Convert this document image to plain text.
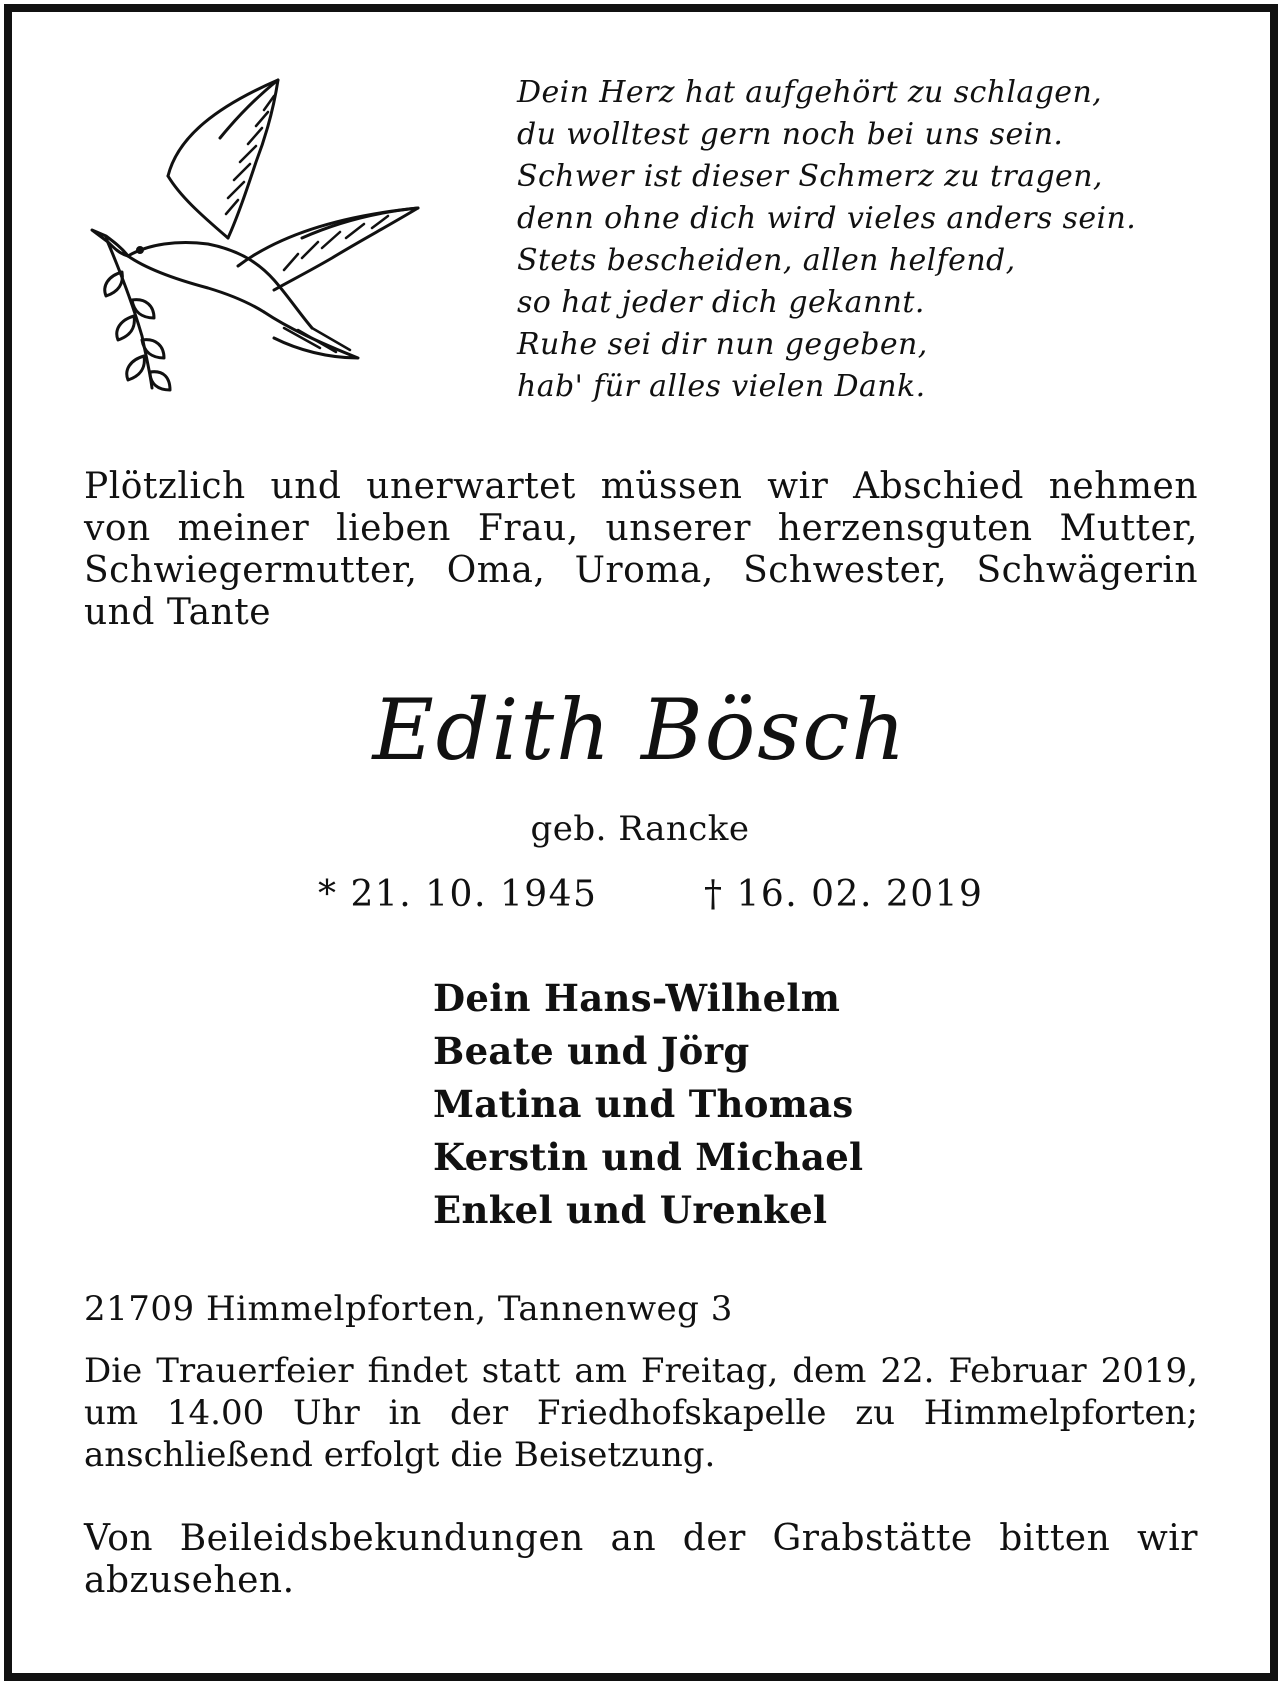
Dein Herz hat aufgehört zu schlagen,
du wolltest gern noch bei uns sein.
Schwer ist dieser Schmerz zu tragen,
denn ohne dich wird vieles anders sein.
Stets bescheiden, allen helfend,
so hat jeder dich gekannt.
Ruhe sei dir nun gegeben,
hab' für alles vielen Dank.
Plötzlich und unerwartet müssen wir Abschied nehmen von meiner lieben Frau, unserer herzensguten Mutter, Schwiegermutter, Oma, Uroma, Schwester, Schwägerin und Tante
Edith Bösch
geb. Rancke
* 21. 10. 1945	† 16. 02. 2019
Dein Hans-Wilhelm
Beate und Jörg
Matina und Thomas
Kerstin und Michael
Enkel und Urenkel
21709 Himmelpforten, Tannenweg 3
Die Trauerfeier findet statt am Freitag, dem 22. Februar 2019, um 14.00 Uhr in der Friedhofskapelle zu Himmelpforten; anschließend erfolgt die Beisetzung.
Von Beileidsbekundungen an der Grabstätte bitten wir abzusehen.
